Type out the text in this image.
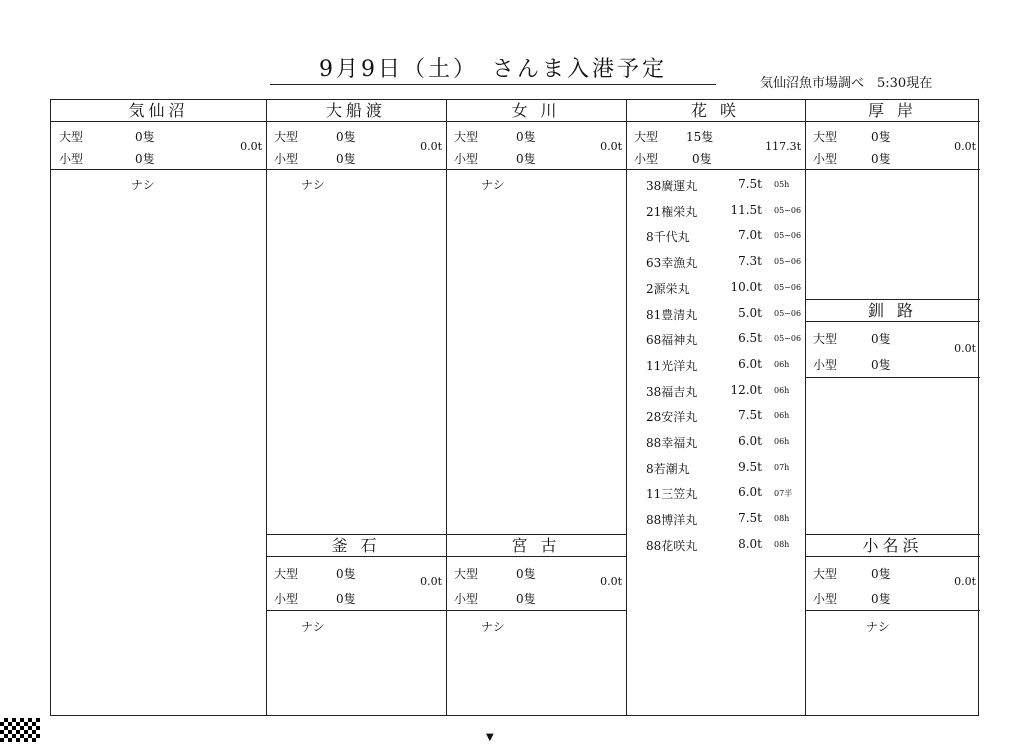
9月9日（土）　さんま入港予定
気仙沼魚市場調べ　5:30現在
気仙沼
大型	0隻
小型	0隻
0.0t
ナシ
大船渡
大型	0隻
小型	0隻
0.0t
ナシ
女 川
大型	0隻
小型	0隻
0.0t
ナシ
花 咲
大型 15隻
小型	0隻
117.3t
38廣運丸	7.5t 05h
21権栄丸	11.5t 05~06
8千代丸	7.0t 05~06
63幸漁丸	7.3t 05~06
2源栄丸	10.0t 05~06
81豊清丸	5.0t 05~06
68福神丸	6.5t 05~06
11光洋丸	6.0t 06h
38福吉丸	12.0t 06h
28安洋丸	7.5t 06h
88幸福丸	6.0t 06h
8若潮丸	9.5t 07h
11三笠丸	6.0t 07半
88博洋丸	7.5t 08h
88花咲丸	8.0t 08h
厚 岸
大型	0隻
小型	0隻
0.0t
釧 路
大型	0隻
小型	0隻
0.0t
小名浜
大型	0隻
小型	0隻
0.0t
ナシ
釜 石
大型	0隻
小型	0隻
0.0t
ナシ
宮 古
大型	0隻
小型	0隻
0.0t
ナシ
▼
